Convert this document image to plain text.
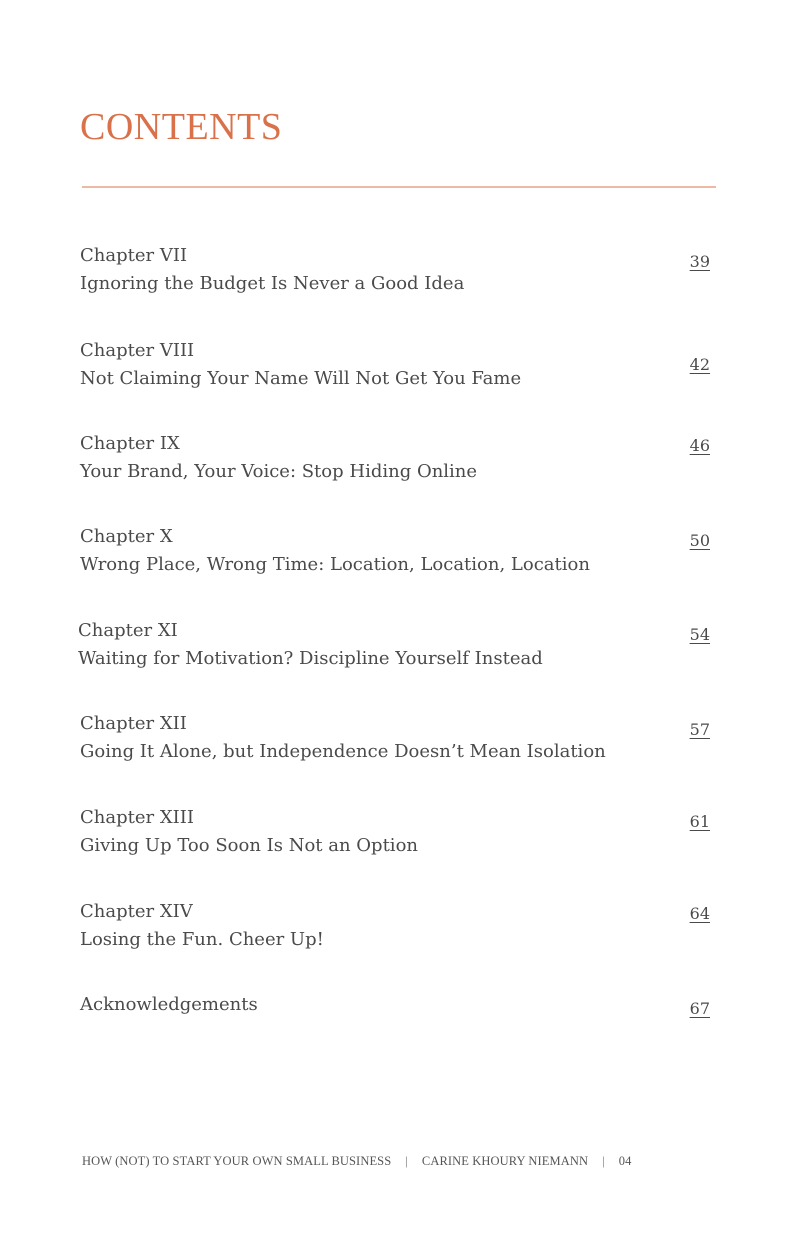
CONTENTS
Chapter VII
Ignoring the Budget Is Never a Good Idea
39
Chapter VIII
Not Claiming Your Name Will Not Get You Fame
42
Chapter IX
Your Brand, Your Voice: Stop Hiding Online
46
Chapter X
Wrong Place, Wrong Time: Location, Location, Location
50
Chapter XI
Waiting for Motivation? Discipline Yourself Instead
54
Chapter XII
Going It Alone, but Independence Doesn’t Mean Isolation
57
Chapter XIII
Giving Up Too Soon Is Not an Option
61
Chapter XIV
Losing the Fun. Cheer Up!
64
Acknowledgements	67
HOW (NOT) TO START YOUR OWN SMALL BUSINESS | CARINE KHOURY NIEMANN | 04
